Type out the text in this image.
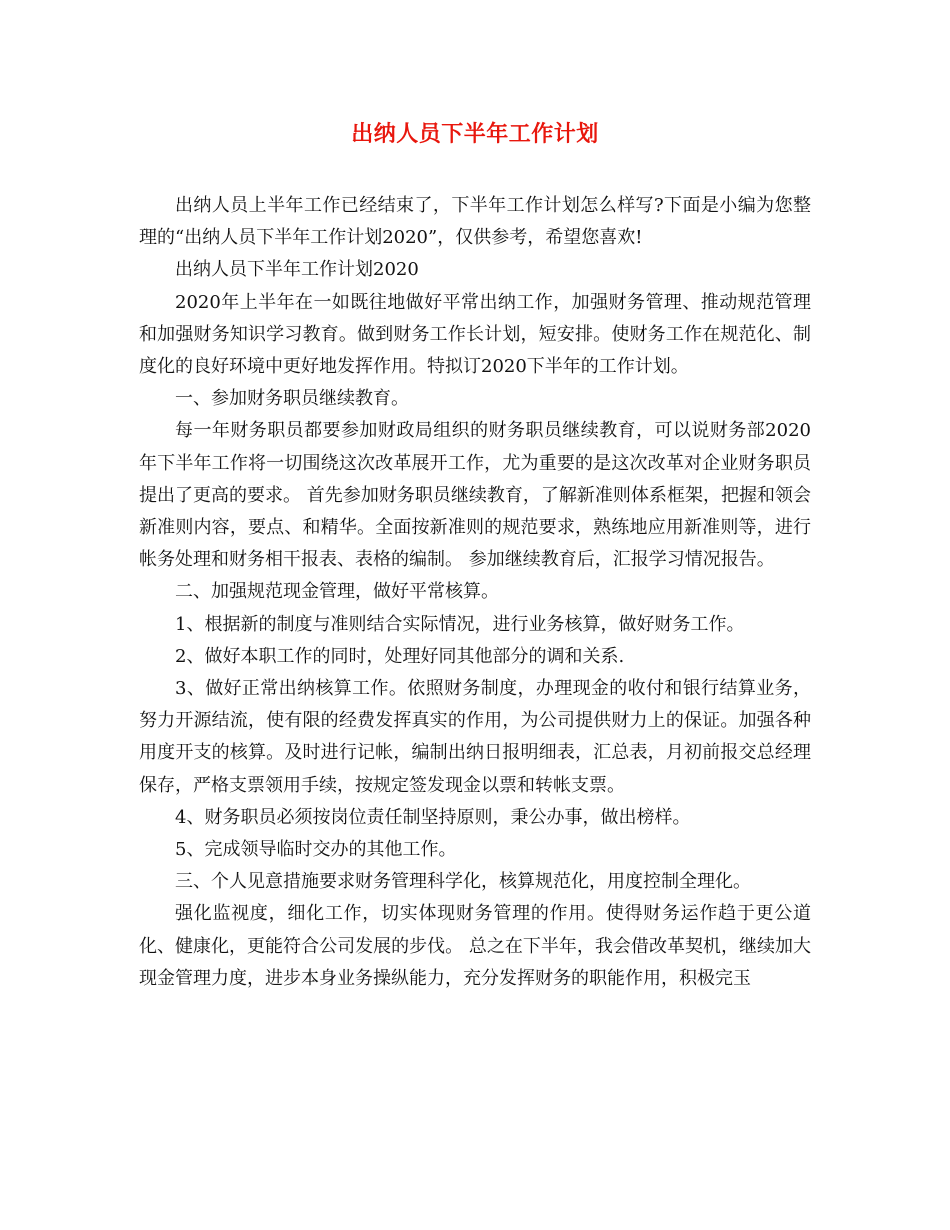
出纳人员下半年工作计划

出纳人员上半年工作已经结束了，下半年工作计划怎么样写?下面是小编为您整理的“出纳人员下半年工作计划2020”，仅供参考，希望您喜欢!

出纳人员下半年工作计划2020

2020年上半年在一如既往地做好平常出纳工作，加强财务管理、推动规范管理和加强财务知识学习教育。做到财务工作长计划，短安排。使财务工作在规范化、制度化的良好环境中更好地发挥作用。特拟订2020下半年的工作计划。

一、参加财务职员继续教育。

每一年财务职员都要参加财政局组织的财务职员继续教育，可以说财务部2020年下半年工作将一切围绕这次改革展开工作，尤为重要的是这次改革对企业财务职员提出了更高的要求。 首先参加财务职员继续教育，了解新准则体系框架，把握和领会新准则内容，要点、和精华。全面按新准则的规范要求，熟练地应用新准则等，进行帐务处理和财务相干报表、表格的编制。 参加继续教育后，汇报学习情况报告。

二、加强规范现金管理，做好平常核算。

1、根据新的制度与准则结合实际情况，进行业务核算，做好财务工作。

2、做好本职工作的同时，处理好同其他部分的调和关系.

3、做好正常出纳核算工作。依照财务制度，办理现金的收付和银行结算业务，努力开源结流，使有限的经费发挥真实的作用，为公司提供财力上的保证。加强各种用度开支的核算。及时进行记帐，编制出纳日报明细表，汇总表，月初前报交总经理保存，严格支票领用手续，按规定签发现金以票和转帐支票。

4、财务职员必须按岗位责任制坚持原则，秉公办事，做出榜样。

5、完成领导临时交办的其他工作。

三、个人见意措施要求财务管理科学化，核算规范化，用度控制全理化。

强化监视度，细化工作，切实体现财务管理的作用。使得财务运作趋于更公道化、健康化，更能符合公司发展的步伐。 总之在下半年，我会借改革契机，继续加大现金管理力度，进步本身业务操纵能力，充分发挥财务的职能作用，积极完玉
